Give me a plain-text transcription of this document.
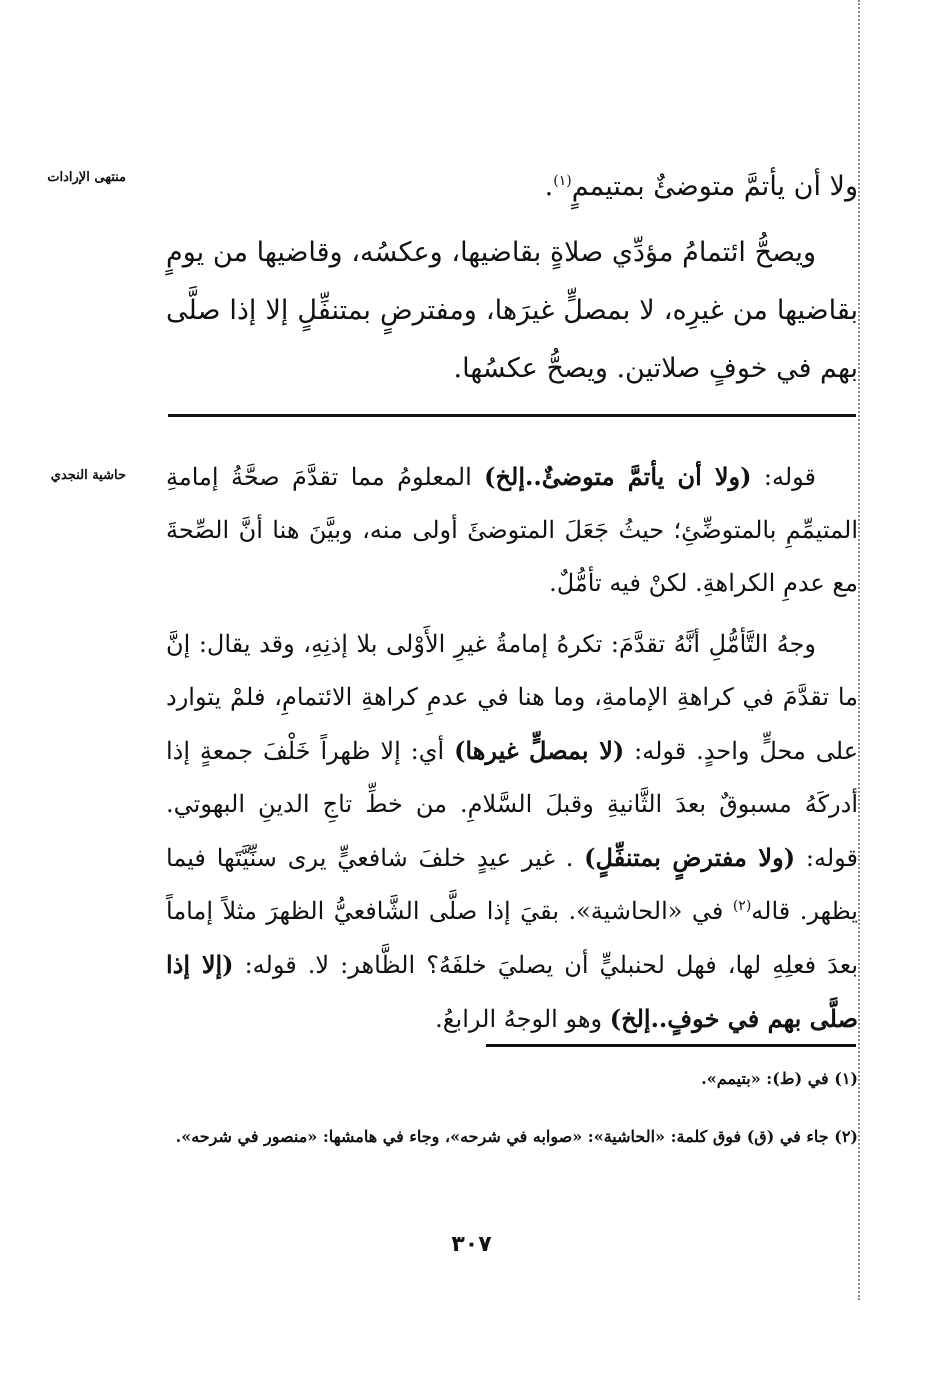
منتهى الإرادات	ولا أن يأتمَّ متوضئٌ بمتيممٍ$^{(١)}$.

ويصحُّ ائتمامُ مؤدِّي صلاةٍ بقاضيها، وعكسُه، وقاضيها من يومٍ بقاضيها من غيرِه، لا بمصلٍّ غيرَها، ومفترضٍ بمتنفِّلٍ إلا إذا صلَّى بهم في خوفٍ صلاتين. ويصحُّ عكسُها.

حاشية النجدي	قوله: (ولا أن يأتمَّ متوضئٌ..إلخ) المعلومُ مما تقدَّمَ صحَّةُ إمامةِ المتيمِّمِ بالمتوضِّئِ؛ حيثُ جَعَلَ المتوضئَ أولى منه، وبيَّنَ هنا أنَّ الصِّحةَ مع عدمِ الكراهةِ. لكنْ فيه تأمُّلٌ.

وجهُ التَّأمُّلِ أنَّهُ تقدَّمَ: تكرهُ إمامةُ غيرِ الأَوْلى بلا إذنِهِ، وقد يقال: إنَّ ما تقدَّمَ في كراهةِ الإمامةِ، وما هنا في عدمِ كراهةِ الائتمامِ، فلمْ يتوارد على محلٍّ واحدٍ. قوله: (لا بمصلٍّ غيرها) أي: إلا ظهراً خَلْفَ جمعةٍ إذا أدركَهُ مسبوقٌ بعدَ الثَّانيةِ وقبلَ السَّلامِ. من خطِّ تاجِ الدينِ البهوتي. قوله: (ولا مفترضٍ بمتنفِّلٍ) . غير عيدٍ خلفَ شافعيٍّ يرى سنِّيَّتَها فيما يظهر. قاله$^{(٢)}$ في «الحاشية». بقيَ إذا صلَّى الشَّافعيُّ الظهرَ مثلاً إماماً بعدَ فعلِهِ لها، فهل لحنبليٍّ أن يصليَ خلفَهُ؟ الظَّاهر: لا. قوله: (إلا إذا صلَّى بهم في خوفٍ..إلخ) وهو الوجهُ الرابعُ.

(١) في (ط): «بتيمم».

(٢) جاء في (ق) فوق كلمة: «الحاشية»: «صوابه في شرحه»، وجاء في هامشها: «منصور في شرحه».

٣٠٧
